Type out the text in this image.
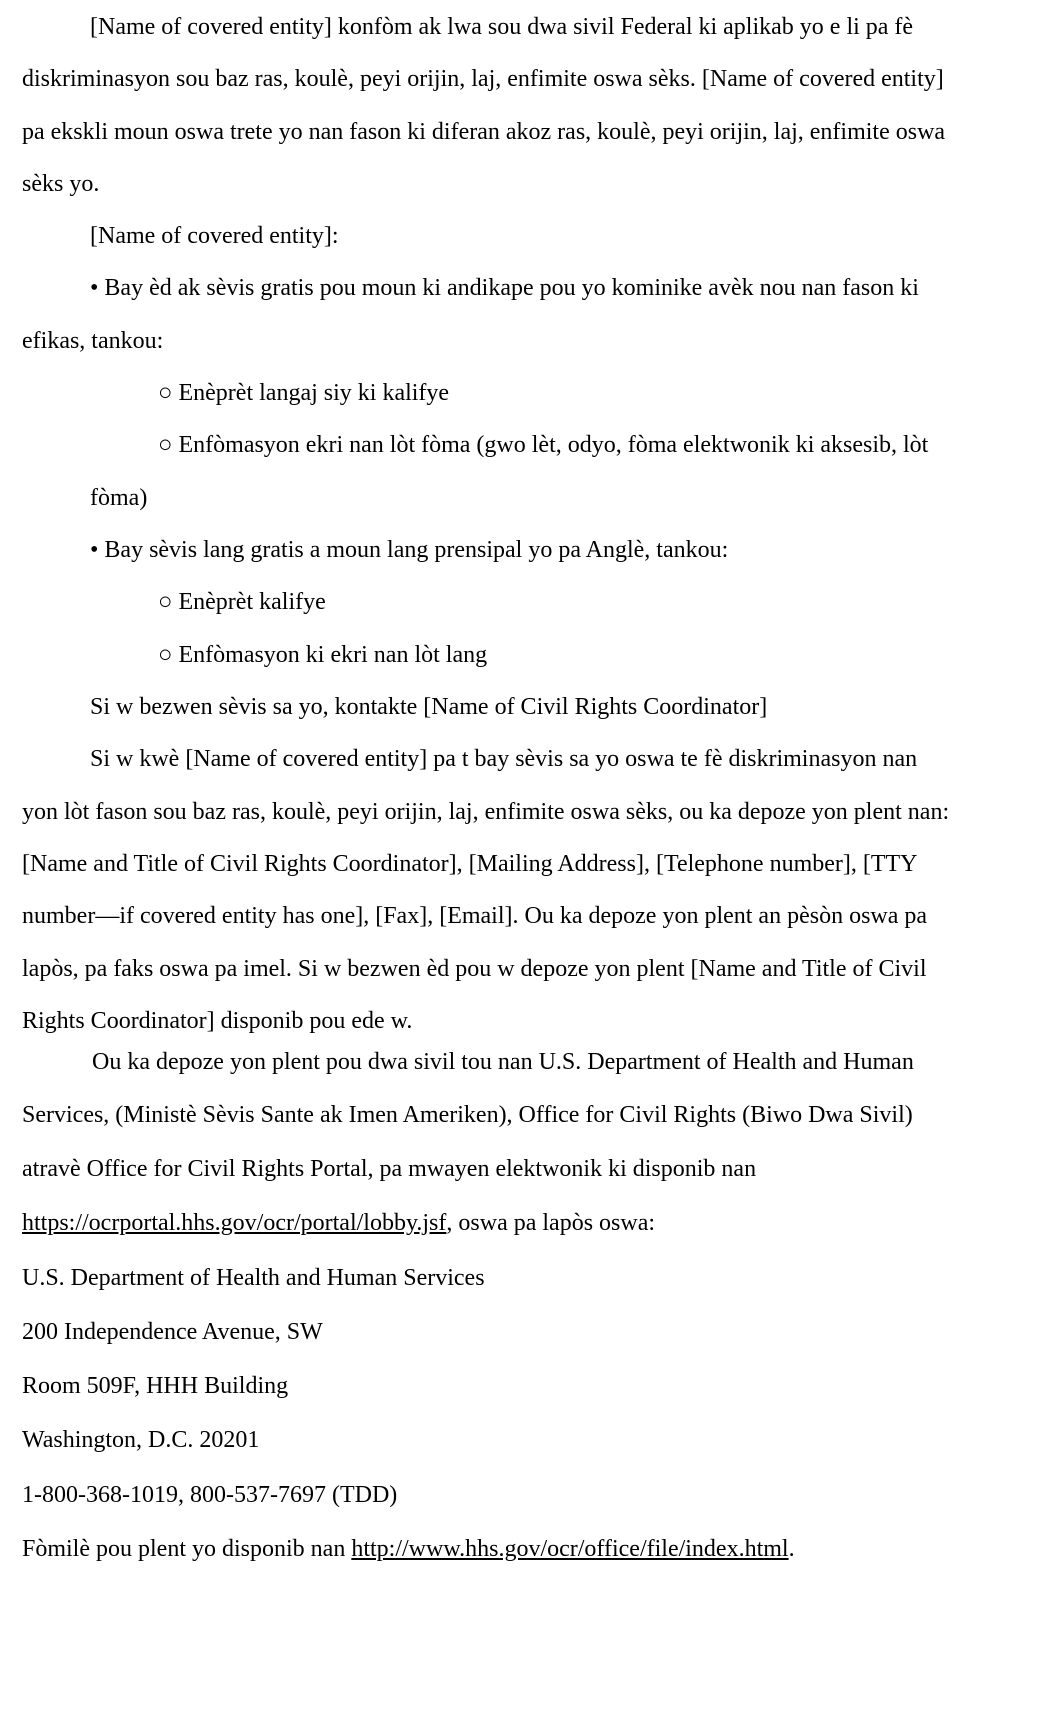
[Name of covered entity] konfòm ak lwa sou dwa sivil Federal ki aplikab yo e li pa fè
diskriminasyon sou baz ras, koulè, peyi orijin, laj, enfimite oswa sèks. [Name of covered entity]
pa ekskli moun oswa trete yo nan fason ki diferan akoz ras, koulè, peyi orijin, laj, enfimite oswa
sèks yo.
[Name of covered entity]:
• Bay èd ak sèvis gratis pou moun ki andikape pou yo kominike avèk nou nan fason ki
efikas, tankou:
○ Enèprèt langaj siy ki kalifye
○ Enfòmasyon ekri nan lòt fòma (gwo lèt, odyo, fòma elektwonik ki aksesib, lòt
fòma)
• Bay sèvis lang gratis a moun lang prensipal yo pa Anglè, tankou:
○ Enèprèt kalifye
○ Enfòmasyon ki ekri nan lòt lang
Si w bezwen sèvis sa yo, kontakte [Name of Civil Rights Coordinator]
Si w kwè [Name of covered entity] pa t bay sèvis sa yo oswa te fè diskriminasyon nan
yon lòt fason sou baz ras, koulè, peyi orijin, laj, enfimite oswa sèks, ou ka depoze yon plent nan:
[Name and Title of Civil Rights Coordinator], [Mailing Address], [Telephone number], [TTY
number—if covered entity has one], [Fax], [Email]. Ou ka depoze yon plent an pèsòn oswa pa
lapòs, pa faks oswa pa imel. Si w bezwen èd pou w depoze yon plent [Name and Title of Civil
Rights Coordinator] disponib pou ede w.
Ou ka depoze yon plent pou dwa sivil tou nan U.S. Department of Health and Human
Services, (Ministè Sèvis Sante ak Imen Ameriken), Office for Civil Rights (Biwo Dwa Sivil)
atravè Office for Civil Rights Portal, pa mwayen elektwonik ki disponib nan
https://ocrportal.hhs.gov/ocr/portal/lobby.jsf, oswa pa lapòs oswa:
U.S. Department of Health and Human Services
200 Independence Avenue, SW
Room 509F, HHH Building
Washington, D.C. 20201
1-800-368-1019, 800-537-7697 (TDD)
Fòmilè pou plent yo disponib nan http://www.hhs.gov/ocr/office/file/index.html.
